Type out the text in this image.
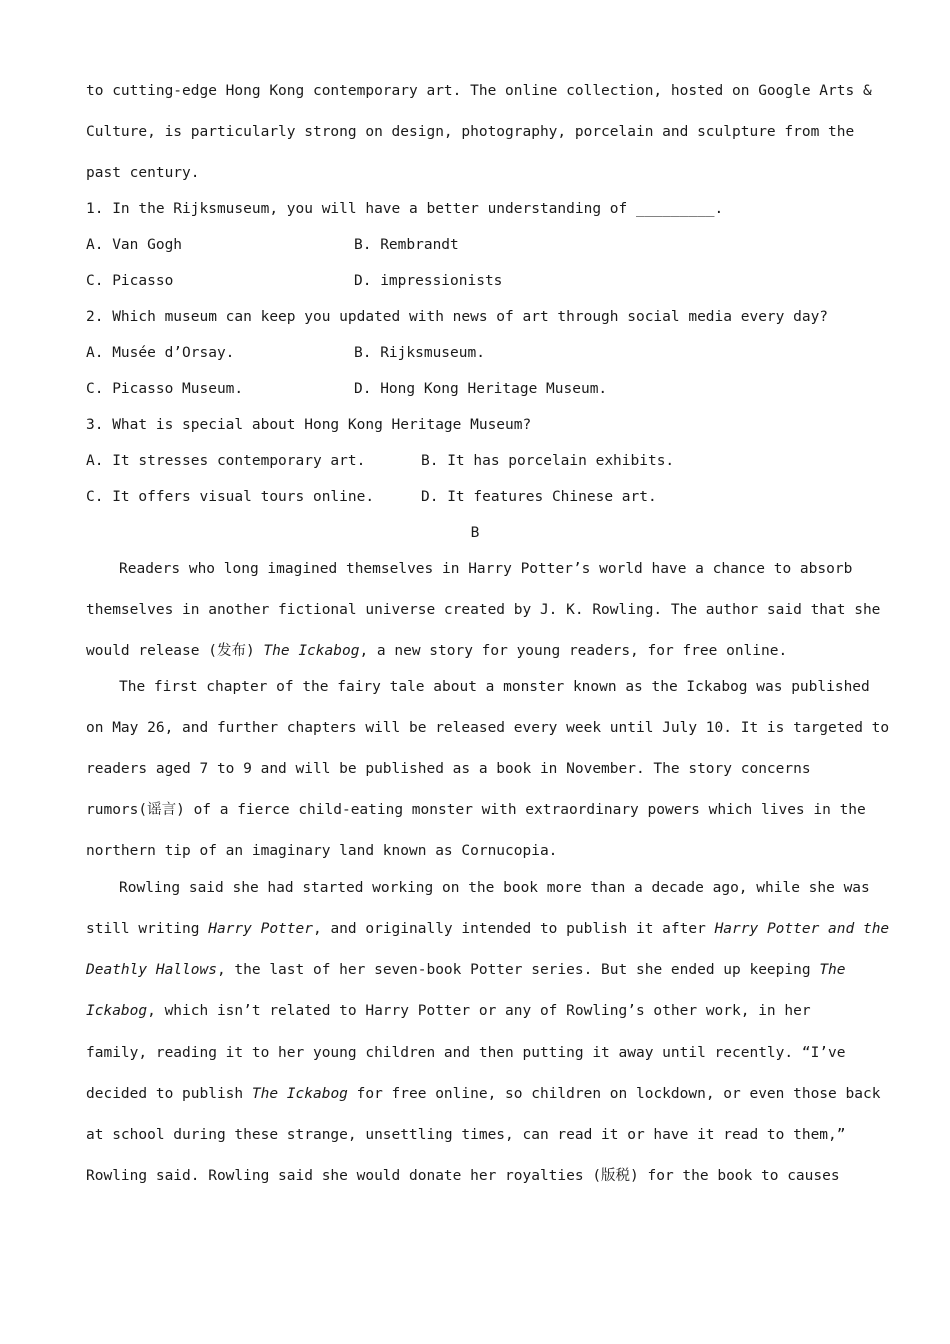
to cutting-edge Hong Kong contemporary art. The online collection, hosted on Google Arts &
Culture, is particularly strong on design, photography, porcelain and sculpture from the
past century.
1. In the Rijksmuseum, you will have a better understanding of _________.
A. Van Gogh	B. Rembrandt
C. Picasso	D. impressionists
2. Which museum can keep you updated with news of art through social media every day?
A. Musée d’Orsay.	B. Rijksmuseum.
C. Picasso Museum.	D. Hong Kong Heritage Museum.
3. What is special about Hong Kong Heritage Museum?
A. It stresses contemporary art.	B. It has porcelain exhibits.
C. It offers visual tours online.	D. It features Chinese art.
B
Readers who long imagined themselves in Harry Potter’s world have a chance to absorb
themselves in another fictional universe created by J. K. Rowling. The author said that she
would release (发布) The Ickabog, a new story for young readers, for free online.
The first chapter of the fairy tale about a monster known as the Ickabog was published
on May 26, and further chapters will be released every week until July 10. It is targeted to
readers aged 7 to 9 and will be published as a book in November. The story concerns
rumors(谣言) of a fierce child-eating monster with extraordinary powers which lives in the
northern tip of an imaginary land known as Cornucopia.
Rowling said she had started working on the book more than a decade ago, while she was
still writing Harry Potter, and originally intended to publish it after Harry Potter and the
Deathly Hallows, the last of her seven-book Potter series. But she ended up keeping The
Ickabog, which isn’t related to Harry Potter or any of Rowling’s other work, in her
family, reading it to her young children and then putting it away until recently. “I’ve
decided to publish The Ickabog for free online, so children on lockdown, or even those back
at school during these strange, unsettling times, can read it or have it read to them,”
Rowling said. Rowling said she would donate her royalties (版税) for the book to causes
